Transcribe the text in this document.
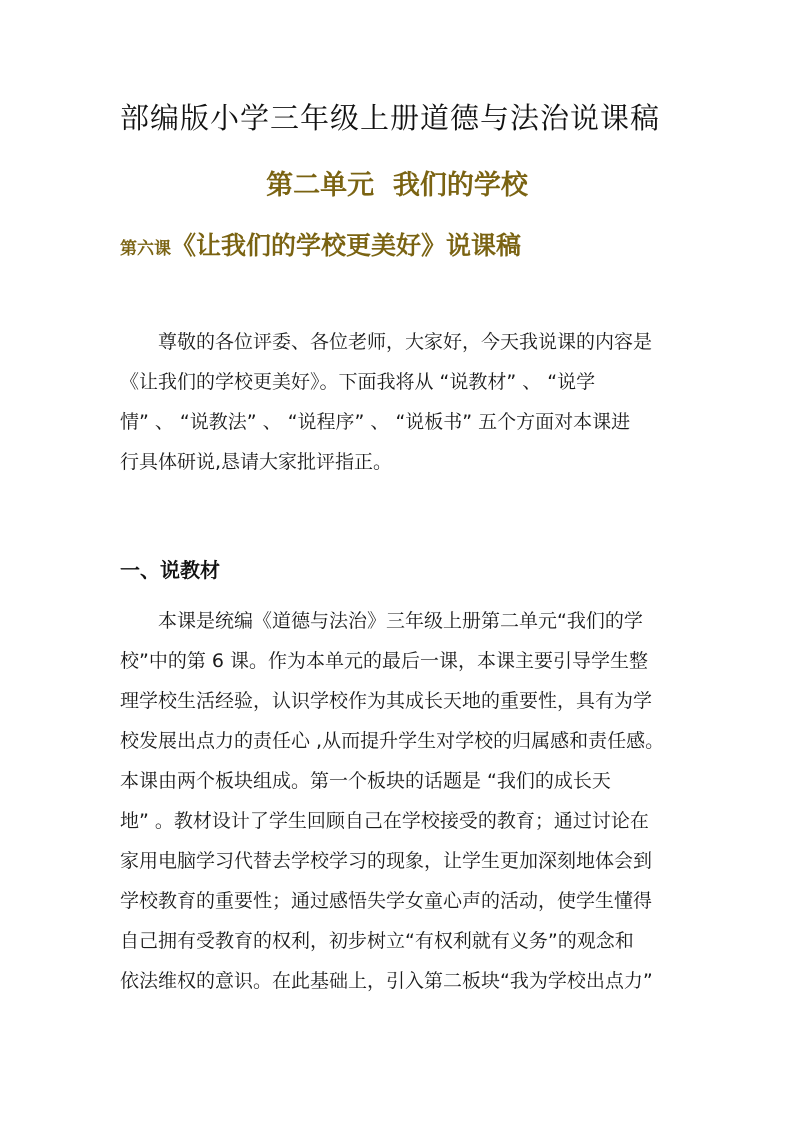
部编版小学三年级上册道德与法治说课稿
第二单元  我们的学校
第六课《让我们的学校更美好》说课稿
　　尊敬的各位评委、各位老师，大家好，今天我说课的内容是
《让我们的学校更美好》。下面我将从 “说教材” 、 “说学
情” 、 “说教法” 、 “说程序” 、 “说板书” 五个方面对本课进
行具体研说,恳请大家批评指正。
一、说教材
　　本课是统编《道德与法治》三年级上册第二单元“我们的学
校”中的第 6 课。作为本单元的最后一课，本课主要引导学生整
理学校生活经验，认识学校作为其成长天地的重要性，具有为学
校发展出点力的责任心 ,从而提升学生对学校的归属感和责任感。
本课由两个板块组成。第一个板块的话题是 “我们的成长天
地” 。教材设计了学生回顾自己在学校接受的教育；通过讨论在
家用电脑学习代替去学校学习的现象，让学生更加深刻地体会到
学校教育的重要性；通过感悟失学女童心声的活动，使学生懂得
自己拥有受教育的权利，初步树立“有权利就有义务”的观念和
依法维权的意识。在此基础上，引入第二板块“我为学校出点力”
